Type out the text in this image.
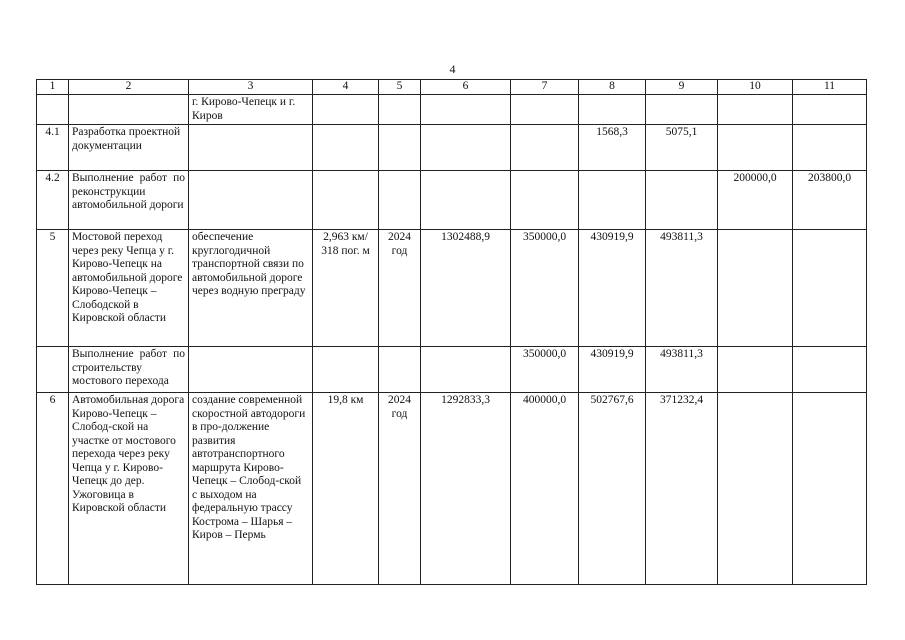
4
1	2	3	4	5	6	7	8	9	10	11
		г. Кирово-Чепецк и г. Киров								
4.1	Разработка проектной документации						1568,3	5075,1		
4.2	Выполнение работ по реконструкции автомобильной дороги								200000,0	203800,0
5	Мостовой переход через реку Чепца у г. Кирово-Чепецк на автомобильной дороге Кирово-Чепецк – Слободской в Кировской области	обеспечение круглогодичной транспортной связи по автомобильной дороге через водную преграду	2,963 км/ 318 пог. м	2024 год	1302488,9	350000,0	430919,9	493811,3		
	Выполнение работ по строительству мостового перехода					350000,0	430919,9	493811,3		
6	Автомобильная дорога Кирово-Чепецк – Слобод-ской на участке от мостового перехода через реку Чепца у г. Кирово-Чепецк до дер. Ужоговица в Кировской области	создание современной скоростной автодороги в про-должение развития автотранспортного маршрута Кирово-Чепецк – Слобод-ской с выходом на федеральную трассу Кострома – Шарья – Киров – Пермь	19,8 км	2024 год	1292833,3	400000,0	502767,6	371232,4		
